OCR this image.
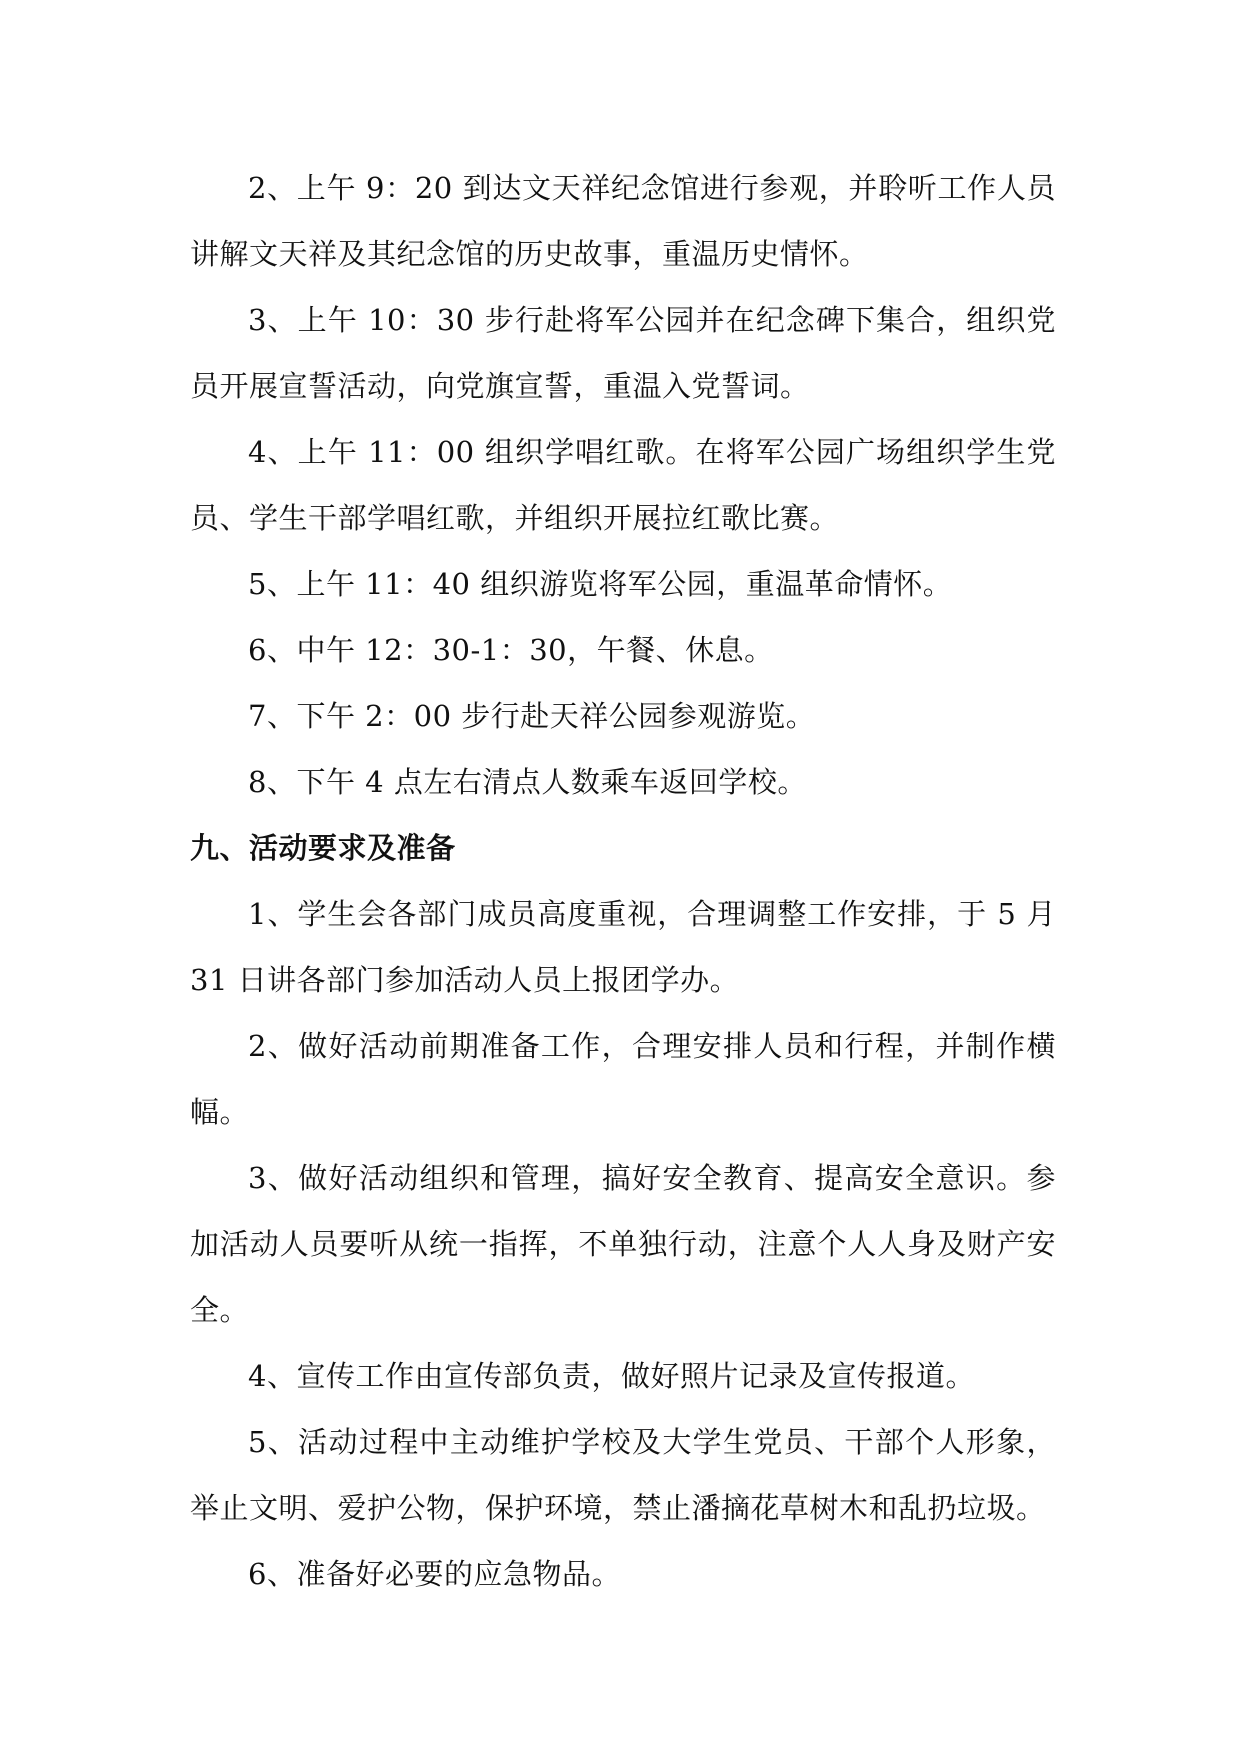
2、上午 9：20 到达文天祥纪念馆进行参观，并聆听工作人员讲解文天祥及其纪念馆的历史故事，重温历史情怀。

3、上午 10：30 步行赴将军公园并在纪念碑下集合，组织党员开展宣誓活动，向党旗宣誓，重温入党誓词。

4、上午 11：00 组织学唱红歌。在将军公园广场组织学生党员、学生干部学唱红歌，并组织开展拉红歌比赛。

5、上午 11：40 组织游览将军公园，重温革命情怀。

6、中午 12：30-1：30，午餐、休息。

7、下午 2：00 步行赴天祥公园参观游览。

8、下午 4 点左右清点人数乘车返回学校。

九、活动要求及准备

1、学生会各部门成员高度重视，合理调整工作安排，于 5 月 31 日讲各部门参加活动人员上报团学办。

2、做好活动前期准备工作，合理安排人员和行程，并制作横幅。

3、做好活动组织和管理，搞好安全教育、提高安全意识。参加活动人员要听从统一指挥，不单独行动，注意个人人身及财产安全。

4、宣传工作由宣传部负责，做好照片记录及宣传报道。

5、活动过程中主动维护学校及大学生党员、干部个人形象，举止文明、爱护公物，保护环境，禁止潘摘花草树木和乱扔垃圾。

6、准备好必要的应急物品。
